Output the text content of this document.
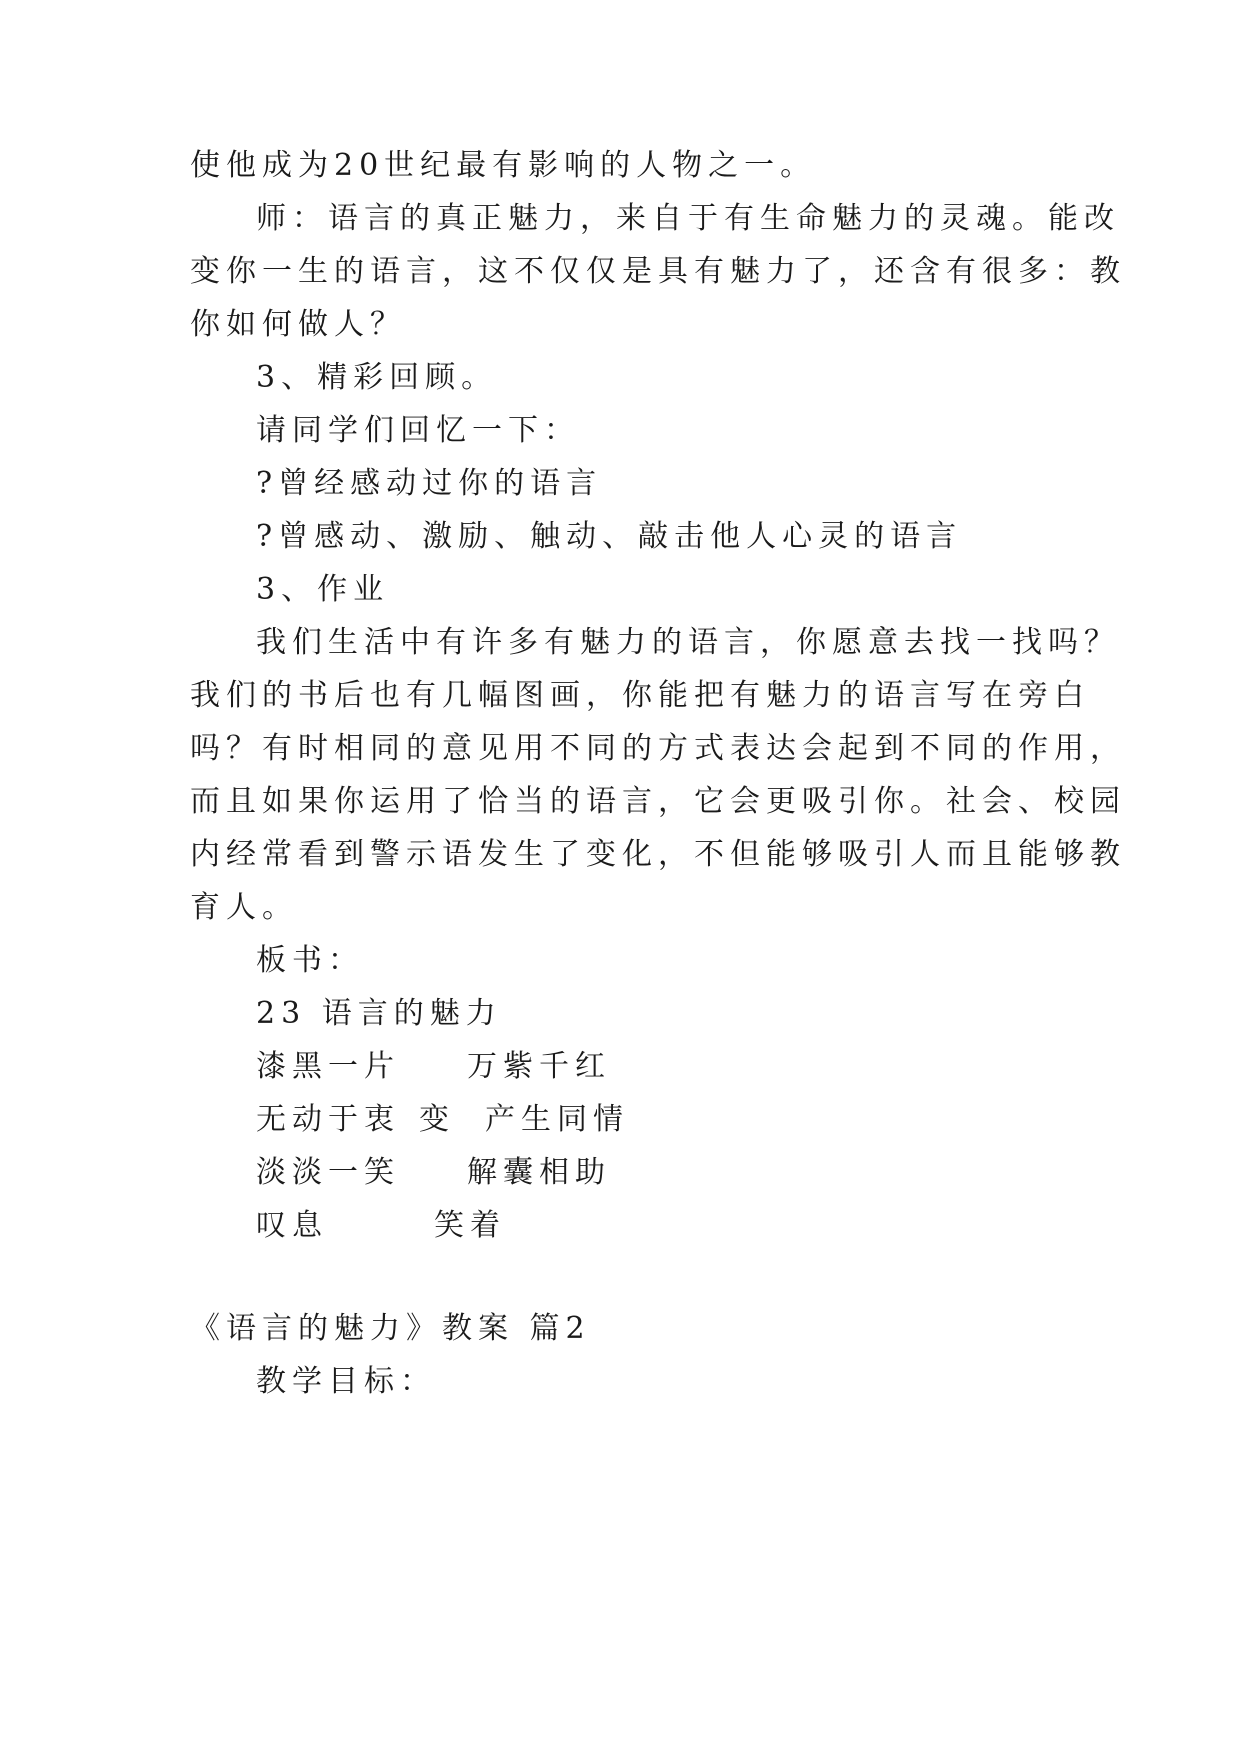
使他成为20世纪最有影响的人物之一。
师：语言的真正魅力，来自于有生命魅力的灵魂。能改
变你一生的语言，这不仅仅是具有魅力了，还含有很多：教
你如何做人？
3、精彩回顾。
请同学们回忆一下：
?曾经感动过你的语言
?曾感动、激励、触动、敲击他人心灵的语言
3、作业
我们生活中有许多有魅力的语言，你愿意去找一找吗？
我们的书后也有几幅图画，你能把有魅力的语言写在旁白
吗？有时相同的意见用不同的方式表达会起到不同的作用，
而且如果你运用了恰当的语言，它会更吸引你。社会、校园
内经常看到警示语发生了变化，不但能够吸引人而且能够教
育人。
板书：
23 语言的魅力
漆黑一片 万紫千红
无动于衷 变 产生同情
淡淡一笑 解囊相助
叹息	笑着
《语言的魅力》教案 篇2
教学目标：
